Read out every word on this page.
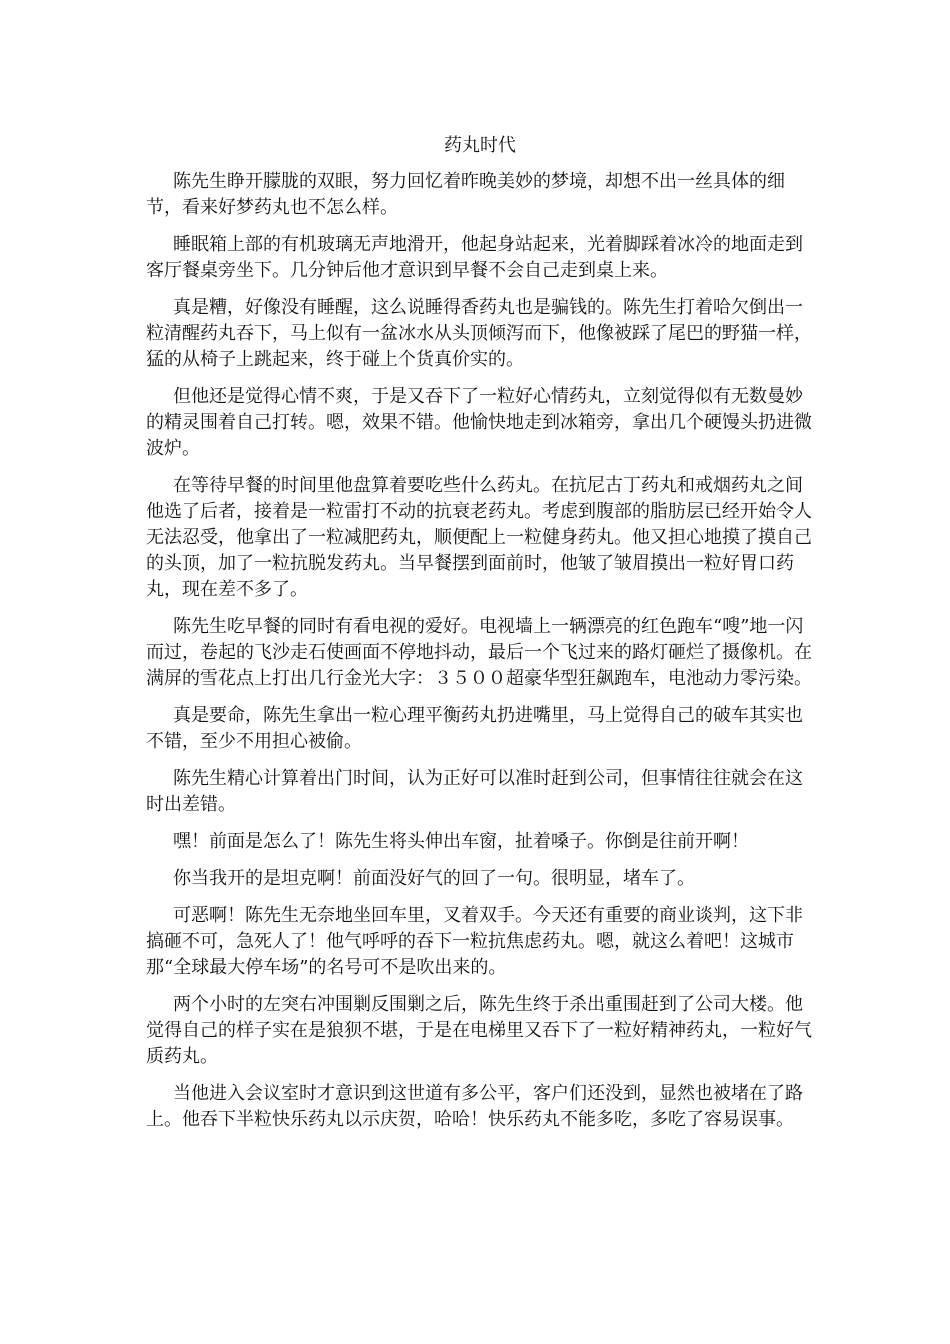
药丸时代

陈先生睁开朦胧的双眼，努力回忆着昨晚美妙的梦境，却想不出一丝具体的细节，看来好梦药丸也不怎么样。

睡眠箱上部的有机玻璃无声地滑开，他起身站起来，光着脚踩着冰冷的地面走到客厅餐桌旁坐下。几分钟后他才意识到早餐不会自己走到桌上来。

真是糟，好像没有睡醒，这么说睡得香药丸也是骗钱的。陈先生打着哈欠倒出一粒清醒药丸吞下，马上似有一盆冰水从头顶倾泻而下，他像被踩了尾巴的野猫一样，猛的从椅子上跳起来，终于碰上个货真价实的。

但他还是觉得心情不爽，于是又吞下了一粒好心情药丸，立刻觉得似有无数曼妙的精灵围着自己打转。嗯，效果不错。他愉快地走到冰箱旁，拿出几个硬馒头扔进微波炉。

在等待早餐的时间里他盘算着要吃些什么药丸。在抗尼古丁药丸和戒烟药丸之间他选了后者，接着是一粒雷打不动的抗衰老药丸。考虑到腹部的脂肪层已经开始令人无法忍受，他拿出了一粒减肥药丸，顺便配上一粒健身药丸。他又担心地摸了摸自己的头顶，加了一粒抗脱发药丸。当早餐摆到面前时，他皱了皱眉摸出一粒好胃口药丸，现在差不多了。

陈先生吃早餐的同时有看电视的爱好。电视墙上一辆漂亮的红色跑车“嗖”地一闪而过，卷起的飞沙走石使画面不停地抖动，最后一个飞过来的路灯砸烂了摄像机。在满屏的雪花点上打出几行金光大字：３５００超豪华型狂飙跑车，电池动力零污染。

真是要命，陈先生拿出一粒心理平衡药丸扔进嘴里，马上觉得自己的破车其实也不错，至少不用担心被偷。

陈先生精心计算着出门时间，认为正好可以准时赶到公司，但事情往往就会在这时出差错。

嘿！前面是怎么了！陈先生将头伸出车窗，扯着嗓子。你倒是往前开啊！

你当我开的是坦克啊！前面没好气的回了一句。很明显，堵车了。

可恶啊！陈先生无奈地坐回车里，叉着双手。今天还有重要的商业谈判，这下非搞砸不可，急死人了！他气呼呼的吞下一粒抗焦虑药丸。嗯，就这么着吧！这城市那“全球最大停车场”的名号可不是吹出来的。

两个小时的左突右冲围剿反围剿之后，陈先生终于杀出重围赶到了公司大楼。他觉得自己的样子实在是狼狈不堪，于是在电梯里又吞下了一粒好精神药丸，一粒好气质药丸。

当他进入会议室时才意识到这世道有多公平，客户们还没到，显然也被堵在了路上。他吞下半粒快乐药丸以示庆贺，哈哈！快乐药丸不能多吃，多吃了容易误事。
